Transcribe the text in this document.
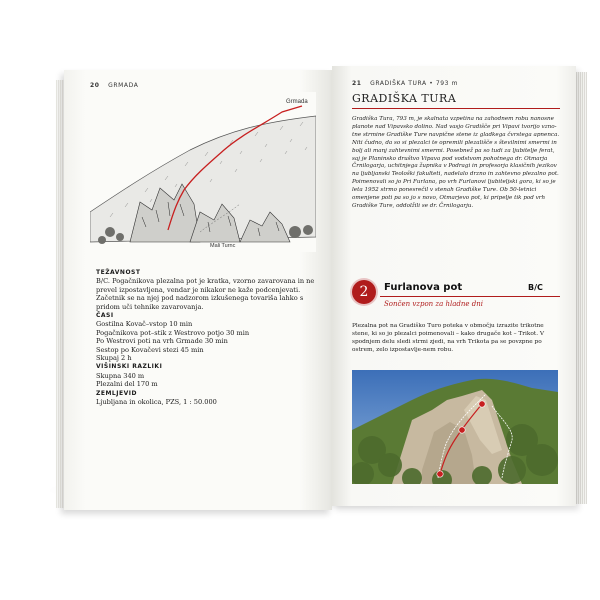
20 GRMADA
Grmada
Mali Turnc
TEŽAVNOST

B/C. Pogačnikova plezalna pot je kratka, vzorno zavarovana in ne prevel izpostavljena, vendar je nikakor ne kaže podcenjevati. Začetnik se na njej pod nadzorom izkušenega tovariša lahko s pridom uči tehnike zavarovanja.

ČASI

Gostilna Kovač–vstop 10 min

Pogačnikova pot–stik z Westrovo potjo 30 min

Po Westrovi poti na vrh Grmade 30 min

Sestop po Kovačevi stezi 45 min

Skupaj 2 h

VIŠINSKI RAZLIKI

Skupna 340 m

Plezalni del 170 m

ZEMLJEVID

Ljubljana in okolica, PZS, 1 : 50.000

21 GRADIŠKA TURA • 793 m
GRADIŠKA TURA
Gradiška Tura, 793 m, je skalnata vzpetina na zahodnem robu nanosne planote nad Vipavsko dolino. Nad vasjo Gradišče pri Vipavi tvorijo vzno-tne strmine Gradiške Ture navpične stene iz gladkega čvrstega apnenca. Niti čudno, da so si plezalci te opremili plezališče s številnimi smermi in bolj ali manj zahtevnimi smermi. Posebnež pa so tudi za ljubitelje ferat, saj je Planinsko društvo Vipava pod vodstvom pohotnega dr. Otmarja Črnilogarja, uchitnjega župnika v Podragi in profesorja klasičnih jezikov na ljubljanski Teološki fakulteti, nadelalo drzno in zahtevno plezalno pot. Poimenovali so jo Pri Furlana, po vrh Furlanovi ljubiteljski gora, ki so je leta 1952 strmo ponesrečil v stenah Gradiške Ture. Ob 50-letnici omenjene poti pa so jo s novo, Otmarjevo pot, ki pripelje tik pod vrh Gradiške Ture, oddolžili se dr. Črnilogarju.
2	Furlanova pot	B/C
Sončen vzpon za hladne dni
Plezalna pot na Gradiško Turo poteka v območju izrazite trikotne stene, ki so jo plezalci poimenovali – kako drugače kot – Trikot. V spodnjem delu sledi strmi zjedi, na vrh Trikota pa se povzpne po ostrem, zelo izpostavlje-nem robu.
